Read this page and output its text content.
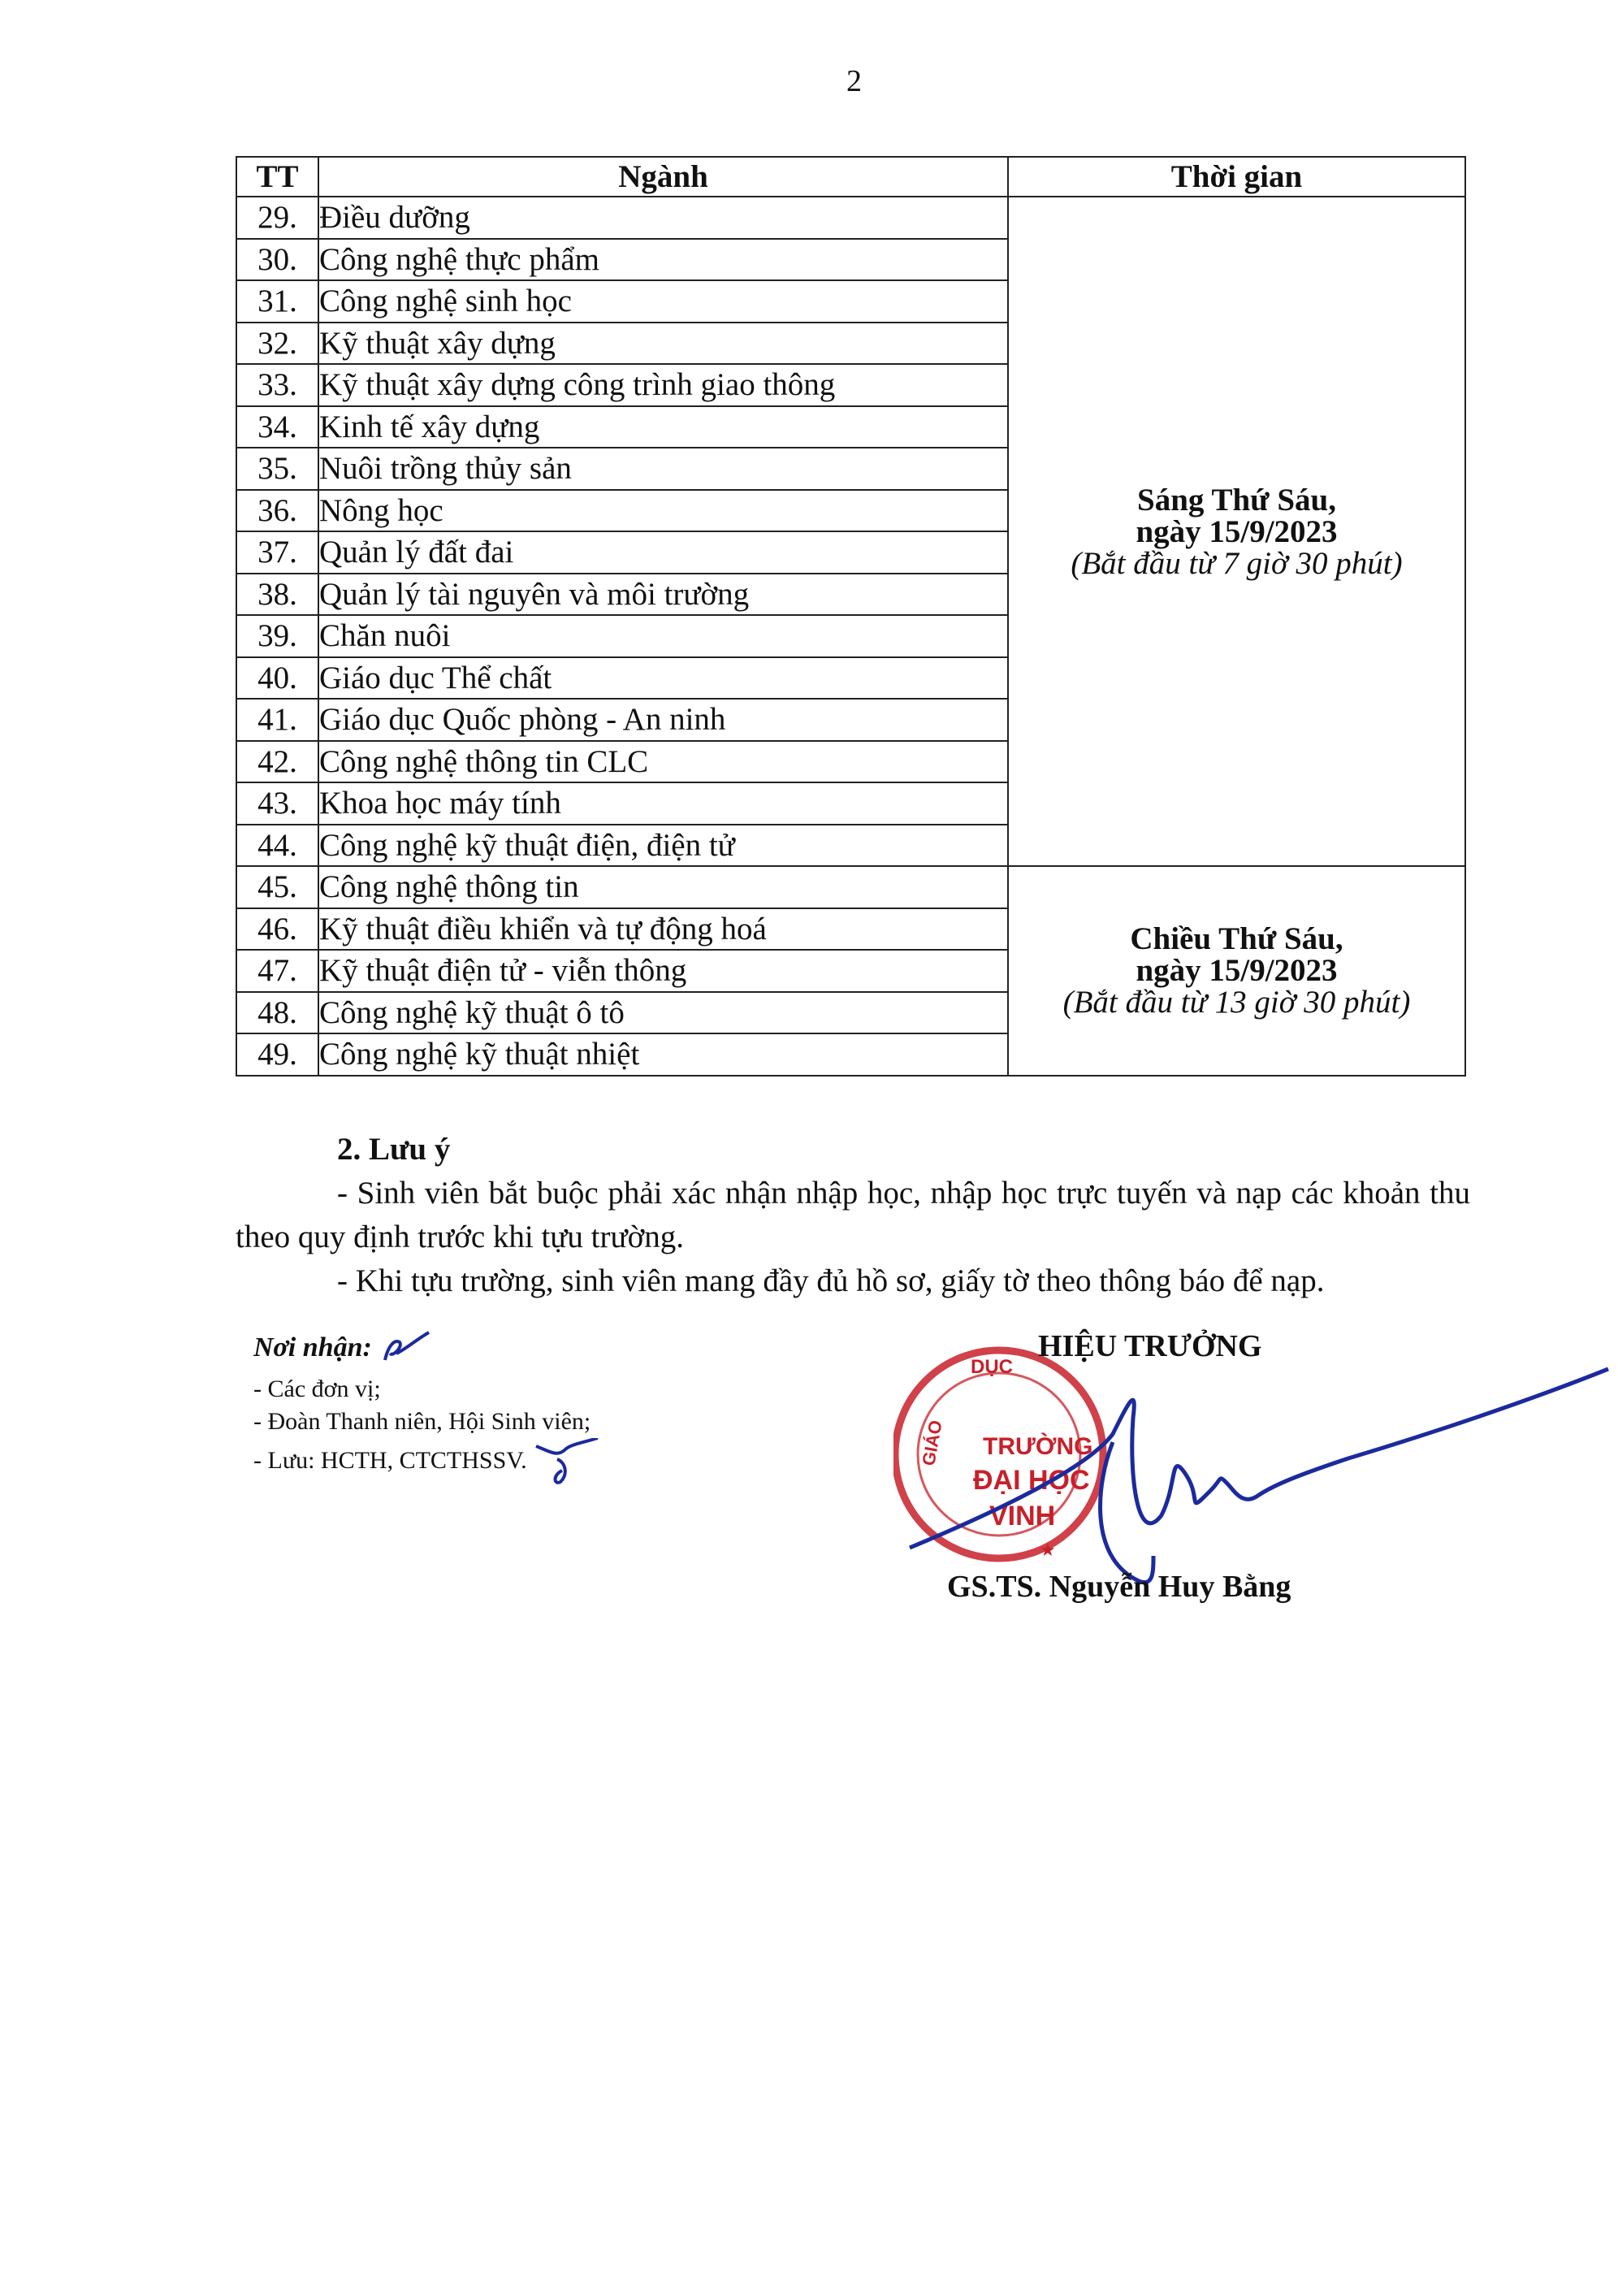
2
TT	Ngành	Thời gian
29.	Điều dưỡng	Sáng Thứ Sáu,
ngày 15/9/2023
(Bắt đầu từ 7 giờ 30 phút)

30.	Công nghệ thực phẩm	
31.	Công nghệ sinh học	
32.	Kỹ thuật xây dựng	
33.	Kỹ thuật xây dựng công trình giao thông	
34.	Kinh tế xây dựng	
35.	Nuôi trồng thủy sản	
36.	Nông học	
37.	Quản lý đất đai	
38.	Quản lý tài nguyên và môi trường	
39.	Chăn nuôi	
40.	Giáo dục Thể chất	
41.	Giáo dục Quốc phòng - An ninh	
42.	Công nghệ thông tin CLC	
43.	Khoa học máy tính	
44.	Công nghệ kỹ thuật điện, điện tử	
45.	Công nghệ thông tin	Chiều Thứ Sáu,
ngày 15/9/2023
(Bắt đầu từ 13 giờ 30 phút)

46.	Kỹ thuật điều khiển và tự động hoá	
47.	Kỹ thuật điện tử - viễn thông	
48.	Công nghệ kỹ thuật ô tô	
49.	Công nghệ kỹ thuật nhiệt	
2. Lưu ý
- Sinh viên bắt buộc phải xác nhận nhập học, nhập học trực tuyến và nạp các khoản thu theo quy định trước khi tựu trường.
- Khi tựu trường, sinh viên mang đầy đủ hồ sơ, giấy tờ theo thông báo để nạp.
Nơi nhận:
- Các đơn vị;
- Đoàn Thanh niên, Hội Sinh viên;
- Lưu: HCTH, CTCTHSSV.
DỤC
GIÁO TRƯỜNG
ĐẠI HỌC
VINH
★
HIỆU TRƯỞNG
GS.TS. Nguyễn Huy Bằng
